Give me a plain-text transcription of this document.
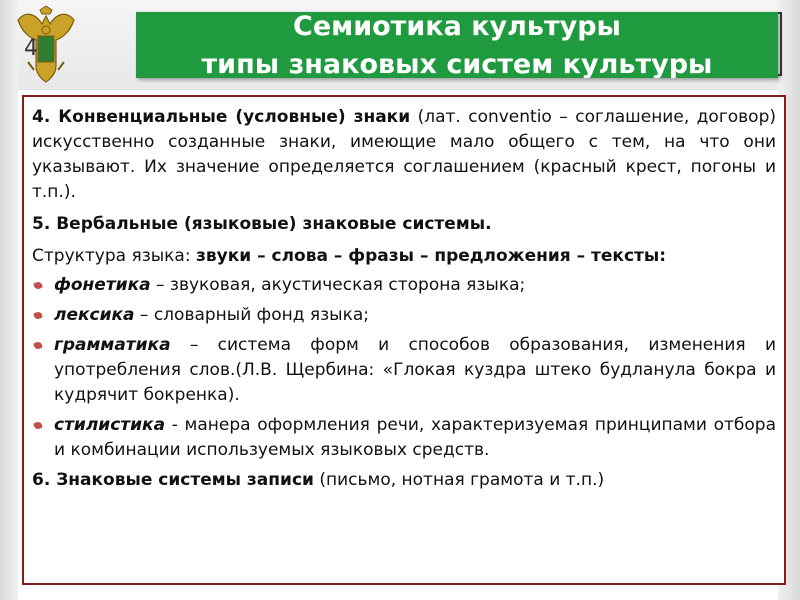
4
Семиотика культуры
типы знаковых систем культуры

4. Конвенциальные (условные) знаки (лат. conventio – соглашение, договор) искусственно созданные знаки, имеющие мало общего с тем, на что они указывают. Их значение определяется соглашением (красный крест, погоны и т.п.).

5. Вербальные (языковые) знаковые системы.

Структура языка: звуки – слова – фразы – предложения – тексты:

фонетика – звуковая, акустическая сторона языка;
лексика – словарный фонд языка;
грамматика – система форм и способов образования, изменения и употребления слов.(Л.В. Щербина: «Глокая куздра штеко будланула бокра и кудрячит бокренка).
стилистика - манера оформления речи, характеризуемая принципами отбора и комбинации используемых языковых средств.

6. Знаковые системы записи (письмо, нотная грамота и т.п.)
